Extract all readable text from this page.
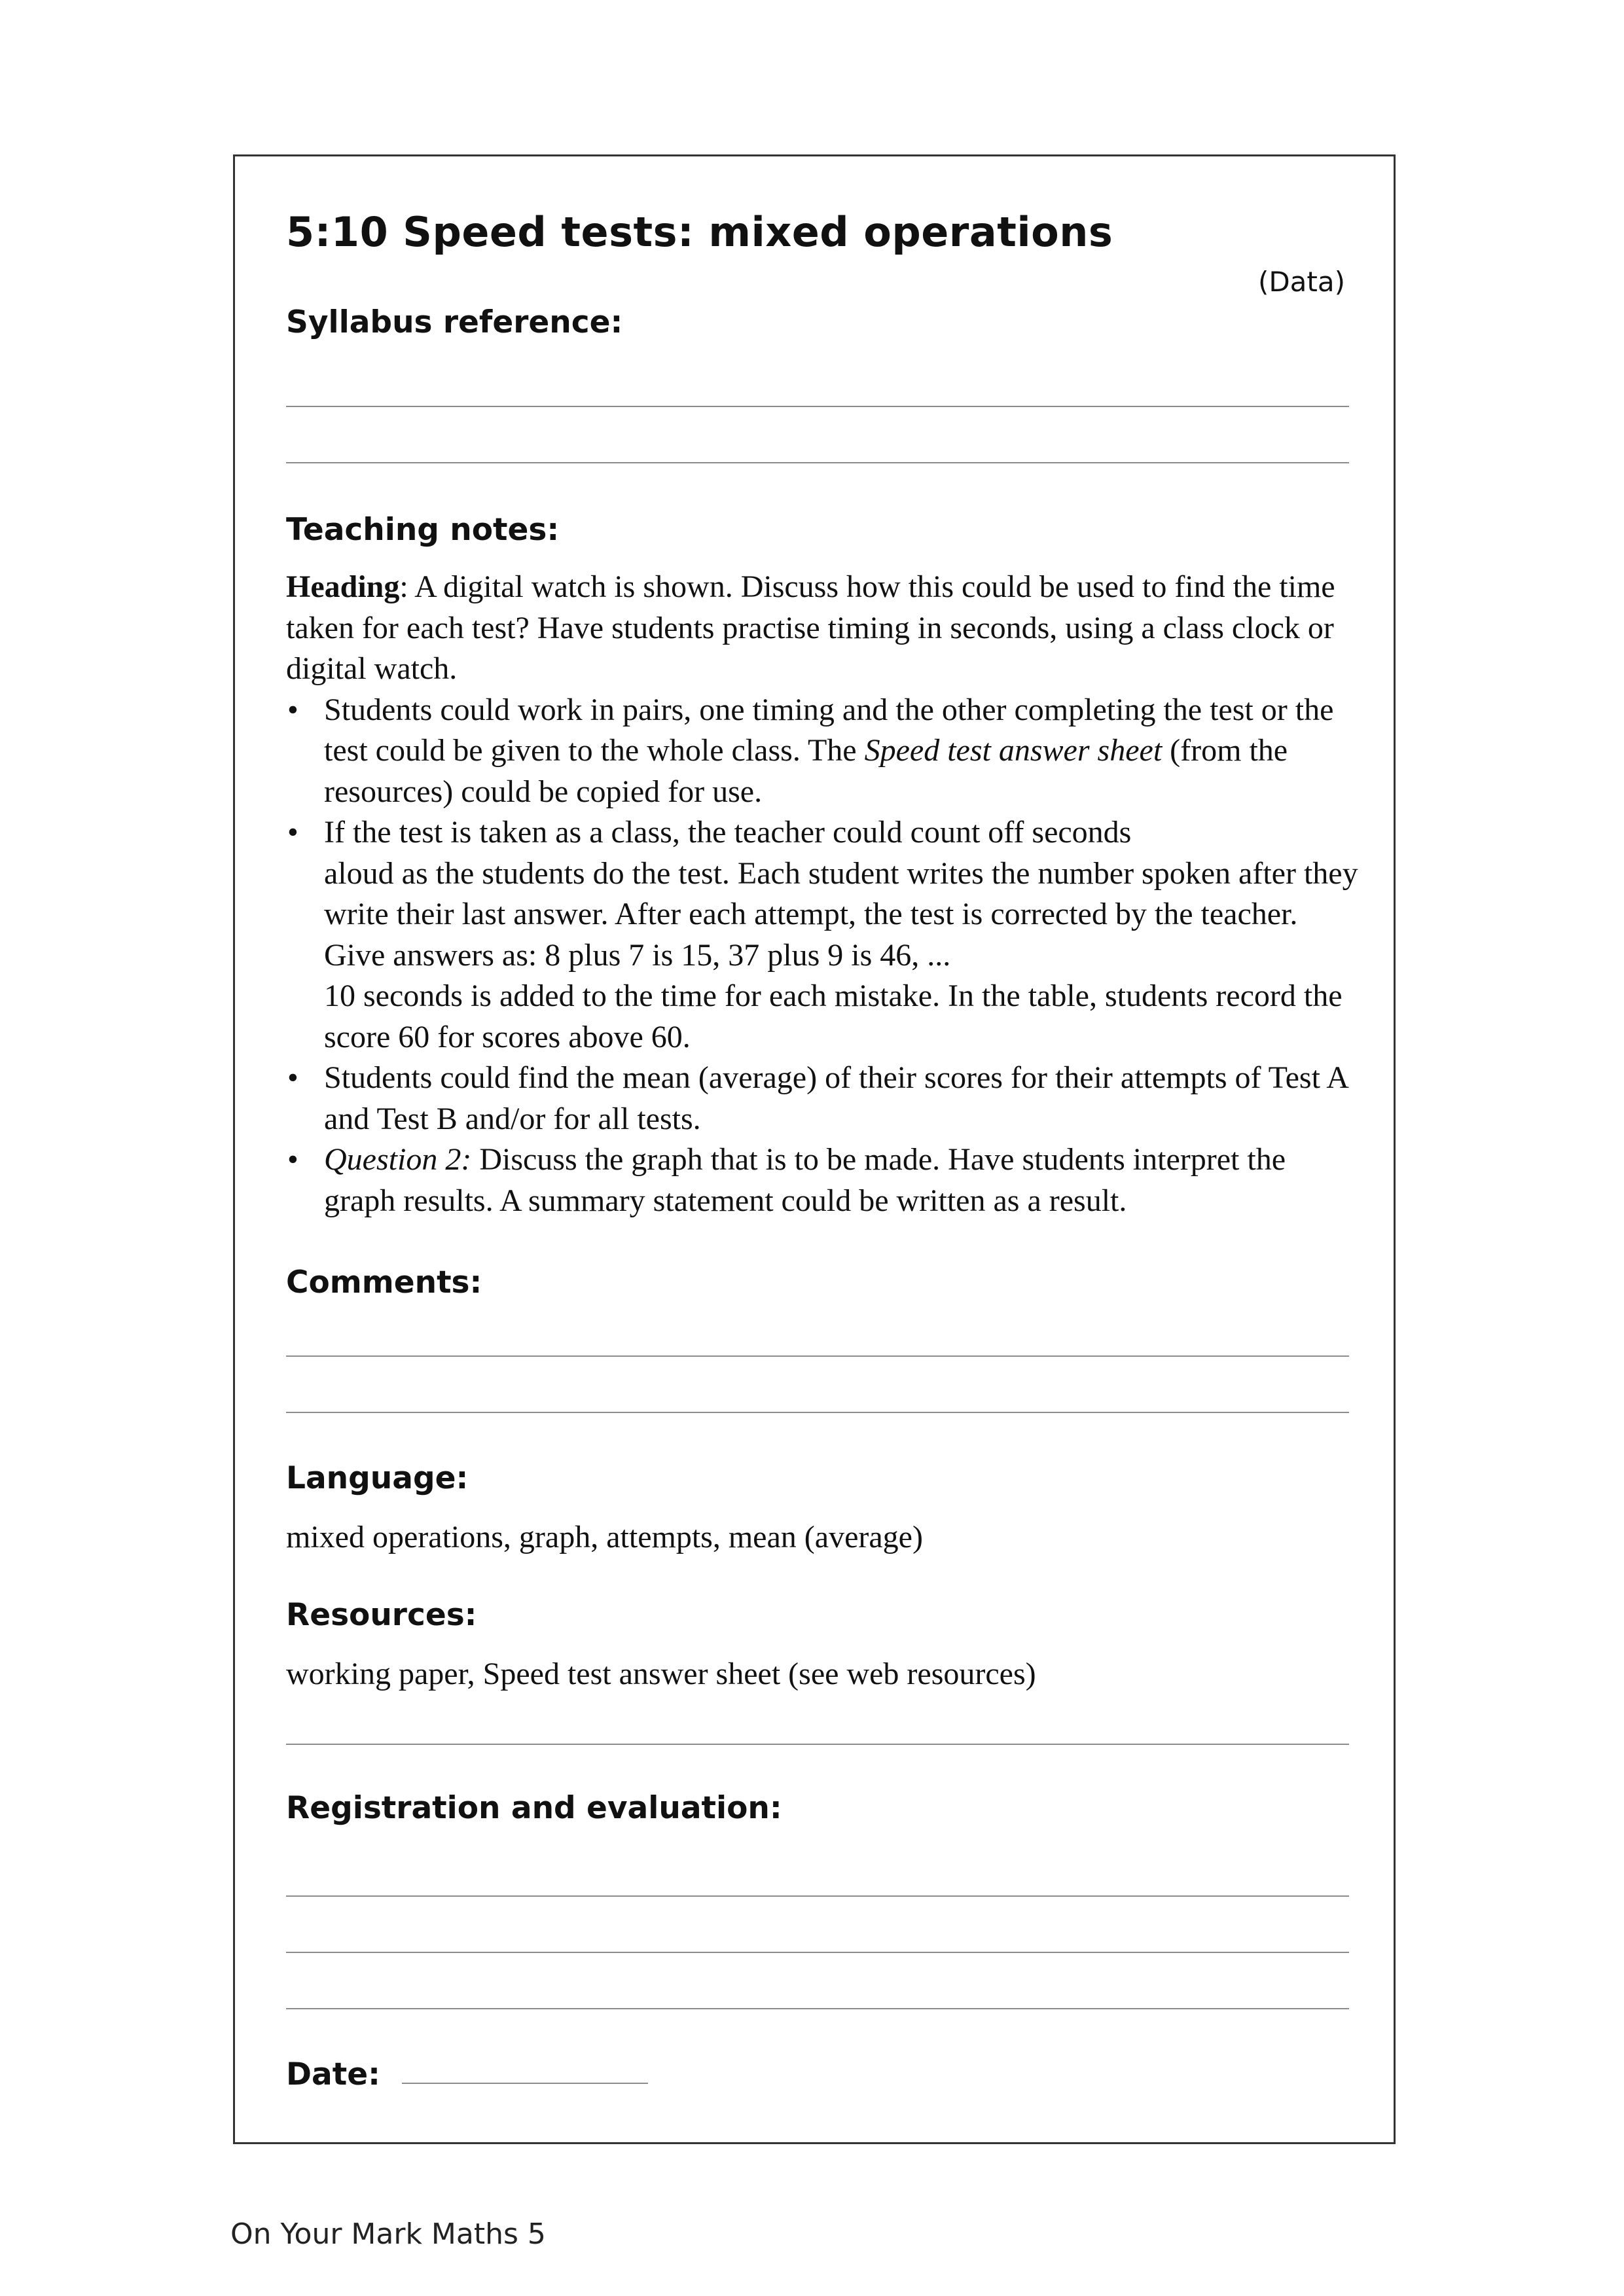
5:10 Speed tests: mixed operations
(Data)
Syllabus reference:
Teaching notes:

Heading: A digital watch is shown. Discuss how this could be used to find the time taken for each test? Have students practise timing in seconds, using a class clock or digital watch.

• Students could work in pairs, one timing and the other completing the test or the test could be given to the whole class. The Speed test answer sheet (from the resources) could be copied for use.
• If the test is taken as a class, the teacher could count off seconds
aloud as the students do the test. Each student writes the number spoken after they write their last answer. After each attempt, the test is corrected by the teacher. Give answers as: 8 plus 7 is 15, 37 plus 9 is 46, ...
10 seconds is added to the time for each mistake. In the table, students record the score 60 for scores above 60.
• Students could find the mean (average) of their scores for their attempts of Test A and Test B and/or for all tests.
• Question 2: Discuss the graph that is to be made. Have students interpret the graph results. A summary statement could be written as a result.
Comments:
Language:
mixed operations, graph, attempts, mean (average)
Resources:
working paper, Speed test answer sheet (see web resources)
Registration and evaluation:
Date:
On Your Mark Maths 5
